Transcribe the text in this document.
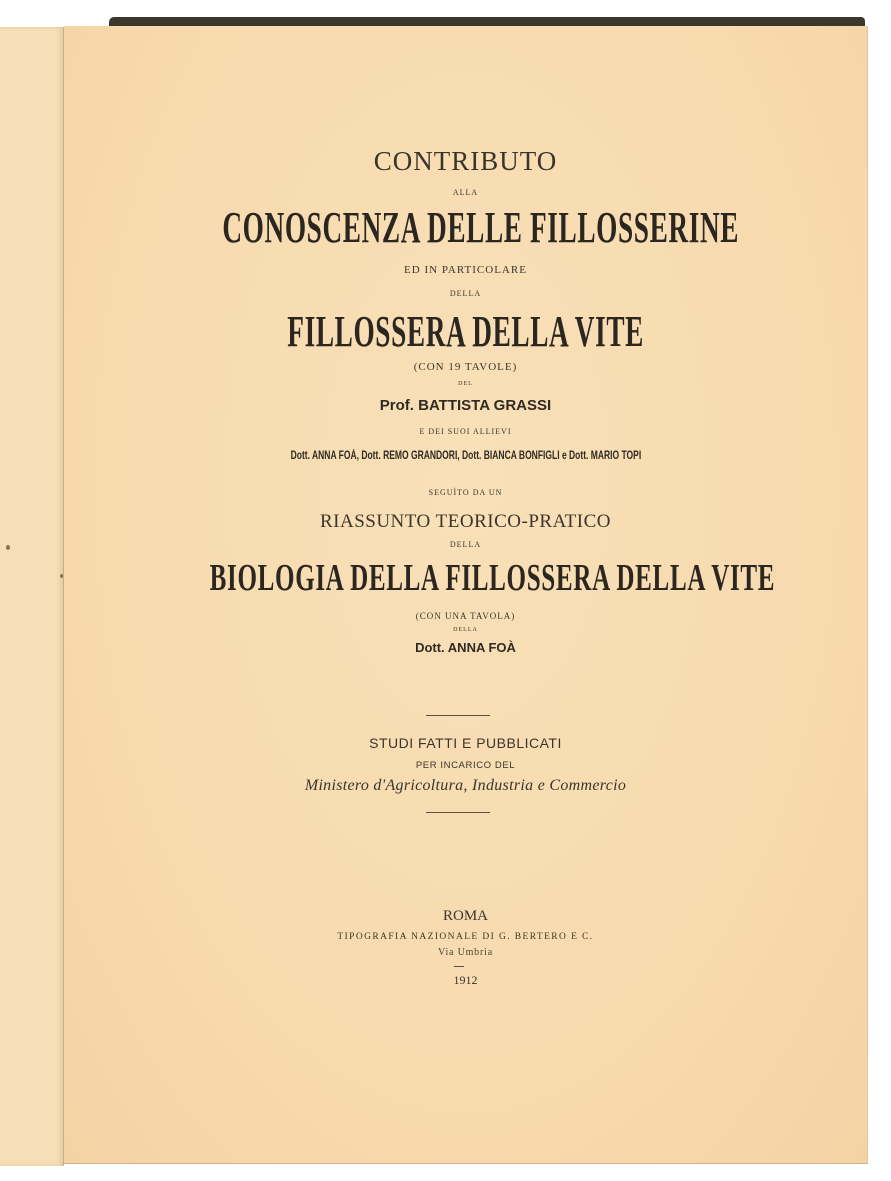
CONTRIBUTO
ALLA
CONOSCENZA DELLE FILLOSSERINE
ED IN PARTICOLARE
DELLA
FILLOSSERA DELLA VITE
(CON 19 TAVOLE)
DEL
Prof. BATTISTA GRASSI
E DEI SUOI ALLIEVI
Dott. ANNA FOÀ, Dott. REMO GRANDORI, Dott. BIANCA BONFIGLI e Dott. MARIO TOPI
SEGUÌTO DA UN
RIASSUNTO TEORICO-PRATICO
DELLA
BIOLOGIA DELLA FILLOSSERA DELLA VITE
(CON UNA TAVOLA)
DELLA
Dott. ANNA FOÀ
STUDI FATTI E PUBBLICATI
PER INCARICO DEL
Ministero d'Agricoltura, Industria e Commercio
ROMA
TIPOGRAFIA NAZIONALE DI G. BERTERO E C.
Via Umbria
1912
